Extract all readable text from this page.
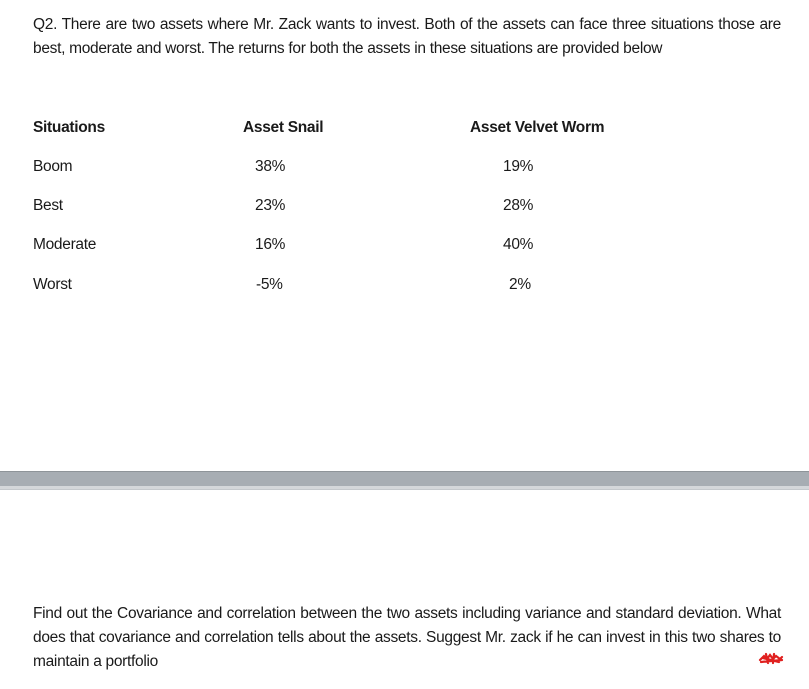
Q2. There are two assets where Mr. Zack wants to invest. Both of the assets can face three situations those are best, moderate and worst. The returns for both the assets in these situations are provided below
Situations	Asset Snail	Asset Velvet Worm
Boom	38%	19%
Best	23%	28%
Moderate	16%	40%
Worst	-5%	2%
Find out the Covariance and correlation between the two assets including variance and standard deviation. What does that covariance and correlation tells about the assets. Suggest Mr. zack if he can invest in this two shares to maintain a portfolio
